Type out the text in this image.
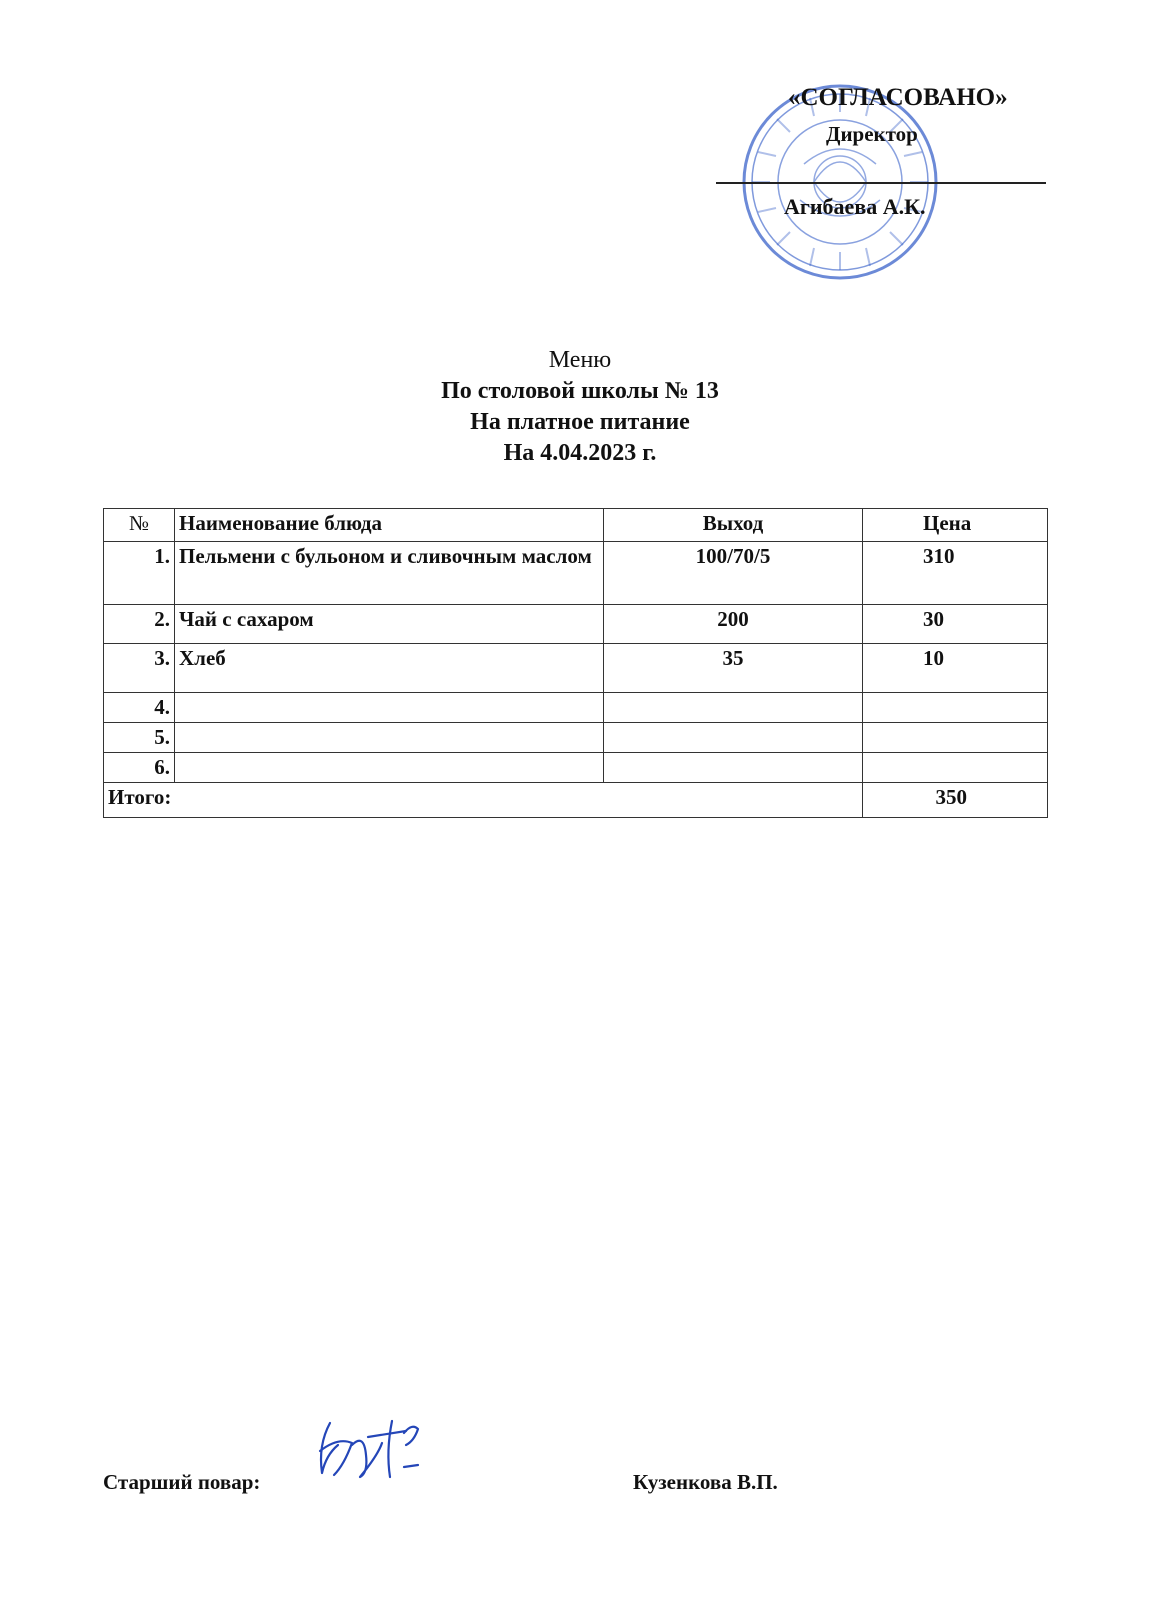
«СОГЛАСОВАНО»
Директор
Агибаева А.К.
Меню
По столовой школы № 13
На платное питание
На 4.04.2023 г.
№	Наименование блюда	Выход	Цена
1.	Пельмени с бульоном и сливочным маслом	100/70/5	310
2.	Чай с сахаром	200	30
3.	Хлеб	35	10
4.			
5.			
6.			
Итого:			350
Старший повар:	Кузенкова В.П.
